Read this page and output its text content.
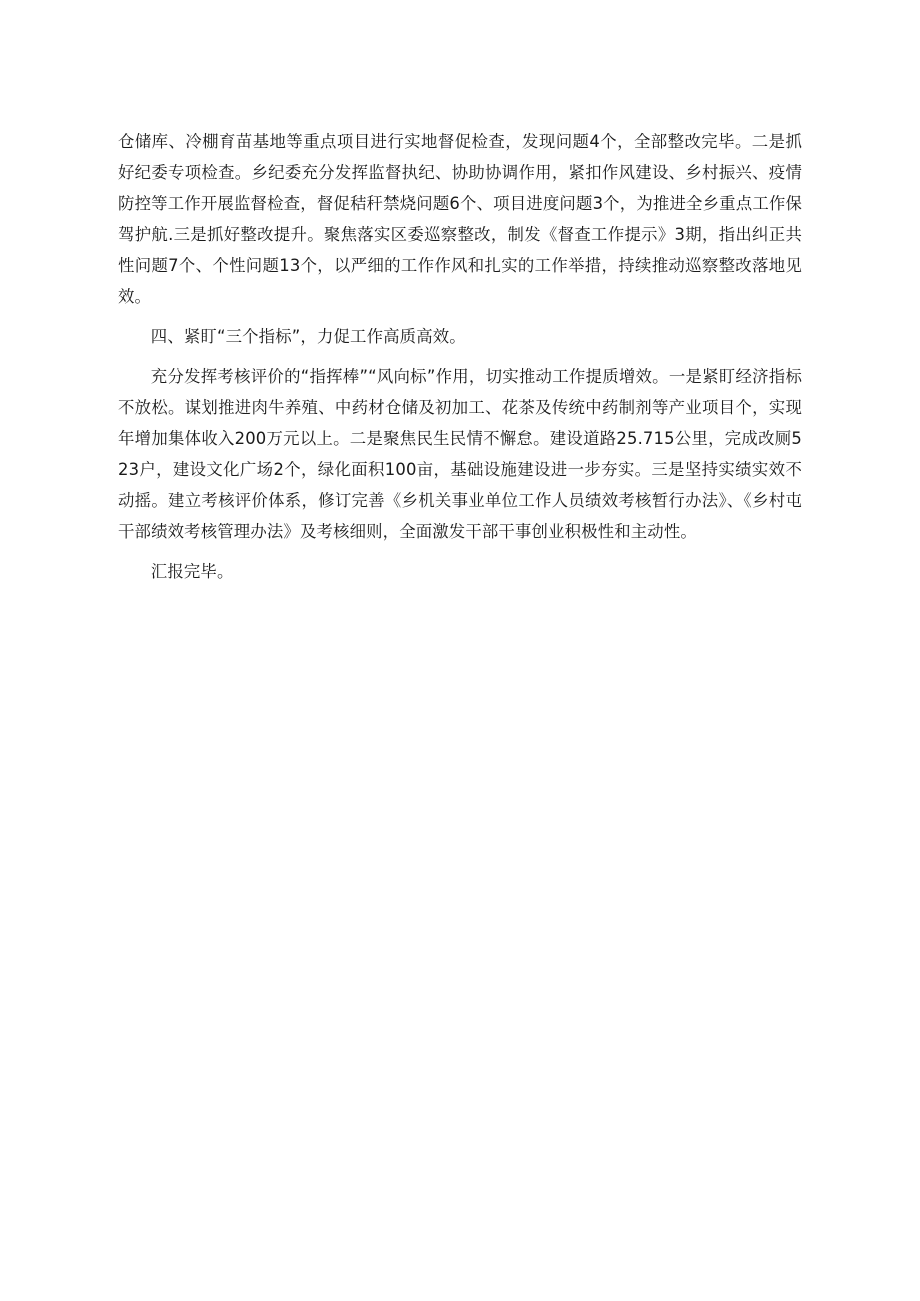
仓储库、冷棚育苗基地等重点项目进行实地督促检查，发现问题4个，全部整改完毕。二是抓好纪委专项检查。乡纪委充分发挥监督执纪、协助协调作用，紧扣作风建设、乡村振兴、疫情防控等工作开展监督检查，督促秸秆禁烧问题6个、项目进度问题3个，为推进全乡重点工作保驾护航.三是抓好整改提升。聚焦落实区委巡察整改，制发《督查工作提示》3期，指出纠正共性问题7个、个性问题13个，以严细的工作作风和扎实的工作举措，持续推动巡察整改落地见效。

四、紧盯“三个指标”，力促工作高质高效。

充分发挥考核评价的“指挥棒”“风向标”作用，切实推动工作提质增效。一是紧盯经济指标不放松。谋划推进肉牛养殖、中药材仓储及初加工、花茶及传统中药制剂等产业项目个，实现年增加集体收入200万元以上。二是聚焦民生民情不懈怠。建设道路25.715公里，完成改厕523户，建设文化广场2个，绿化面积100亩，基础设施建设进一步夯实。三是坚持实绩实效不动摇。建立考核评价体系，修订完善《乡机关事业单位工作人员绩效考核暂行办法》、《乡村屯干部绩效考核管理办法》及考核细则，全面激发干部干事创业积极性和主动性。

汇报完毕。
